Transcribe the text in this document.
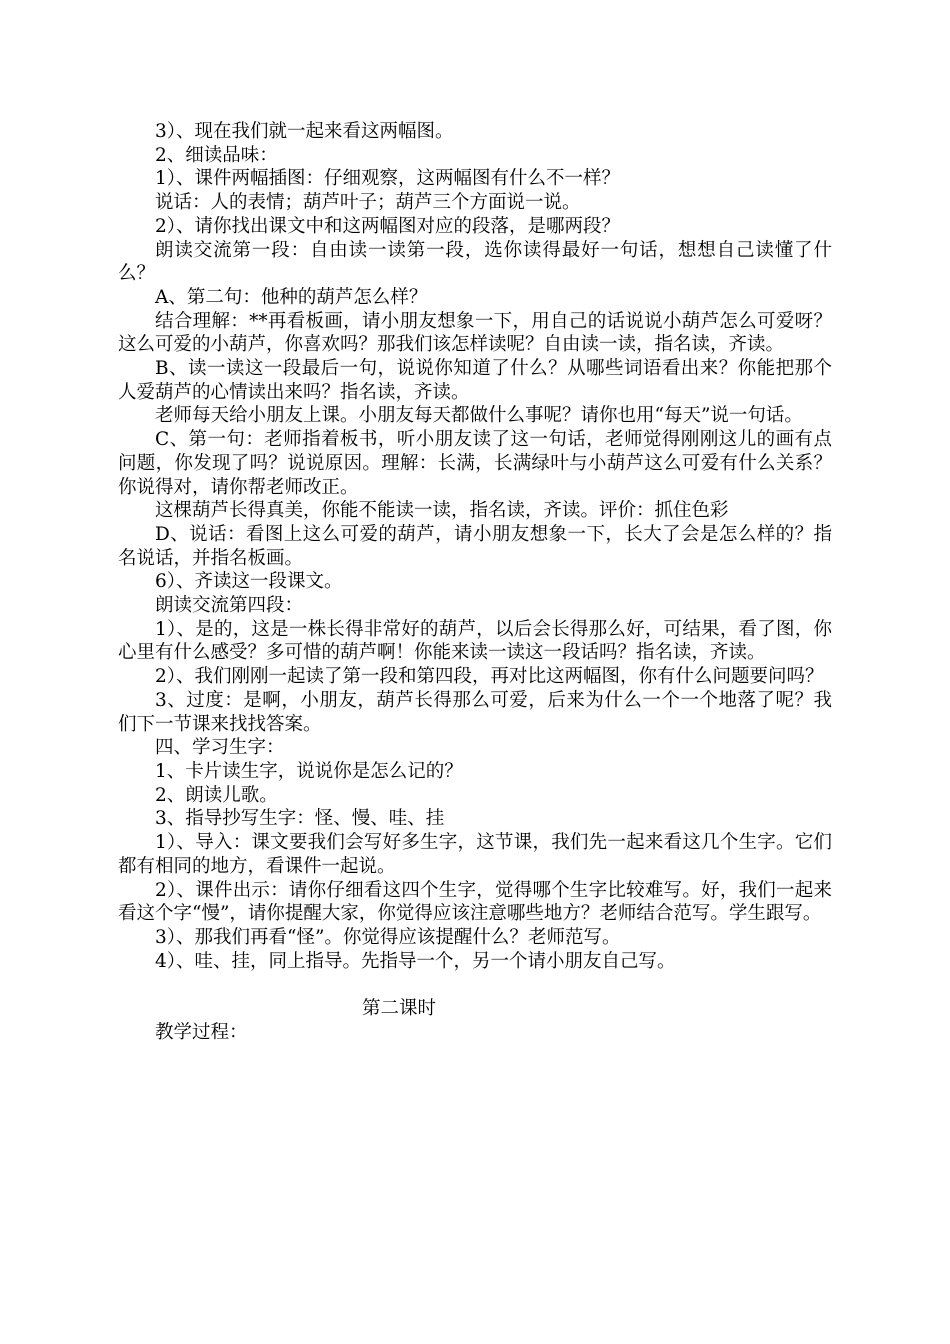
3）、现在我们就一起来看这两幅图。

2、细读品味：

1）、课件两幅插图：仔细观察，这两幅图有什么不一样？

说话：人的表情；葫芦叶子；葫芦三个方面说一说。

2）、请你找出课文中和这两幅图对应的段落，是哪两段？

朗读交流第一段：自由读一读第一段，选你读得最好一句话，想想自己读懂了什么？

A、第二句：他种的葫芦怎么样？

结合理解：**再看板画，请小朋友想象一下，用自己的话说说小葫芦怎么可爱呀？这么可爱的小葫芦，你喜欢吗？那我们该怎样读呢？自由读一读，指名读，齐读。

B、读一读这一段最后一句，说说你知道了什么？从哪些词语看出来？你能把那个人爱葫芦的心情读出来吗？指名读，齐读。

老师每天给小朋友上课。小朋友每天都做什么事呢？请你也用“每天”说一句话。

C、第一句：老师指着板书，听小朋友读了这一句话，老师觉得刚刚这儿的画有点问题，你发现了吗？说说原因。理解：长满，长满绿叶与小葫芦这么可爱有什么关系？你说得对，请你帮老师改正。

这棵葫芦长得真美，你能不能读一读，指名读，齐读。评价：抓住色彩

D、说话：看图上这么可爱的葫芦，请小朋友想象一下，长大了会是怎么样的？指名说话，并指名板画。

6）、齐读这一段课文。

朗读交流第四段：

1）、是的，这是一株长得非常好的葫芦，以后会长得那么好，可结果，看了图，你心里有什么感受？多可惜的葫芦啊！你能来读一读这一段话吗？指名读，齐读。

2）、我们刚刚一起读了第一段和第四段，再对比这两幅图，你有什么问题要问吗？

3、过度：是啊，小朋友，葫芦长得那么可爱，后来为什么一个一个地落了呢？我们下一节课来找找答案。

四、学习生字：

1、卡片读生字，说说你是怎么记的？

2、朗读儿歌。

3、指导抄写生字：怪、慢、哇、挂

1）、导入：课文要我们会写好多生字，这节课，我们先一起来看这几个生字。它们都有相同的地方，看课件一起说。

2）、课件出示：请你仔细看这四个生字，觉得哪个生字比较难写。好，我们一起来看这个字“慢”，请你提醒大家，你觉得应该注意哪些地方？老师结合范写。学生跟写。

3）、那我们再看“怪”。你觉得应该提醒什么？老师范写。

4）、哇、挂，同上指导。先指导一个，另一个请小朋友自己写。

第二课时

教学过程：
